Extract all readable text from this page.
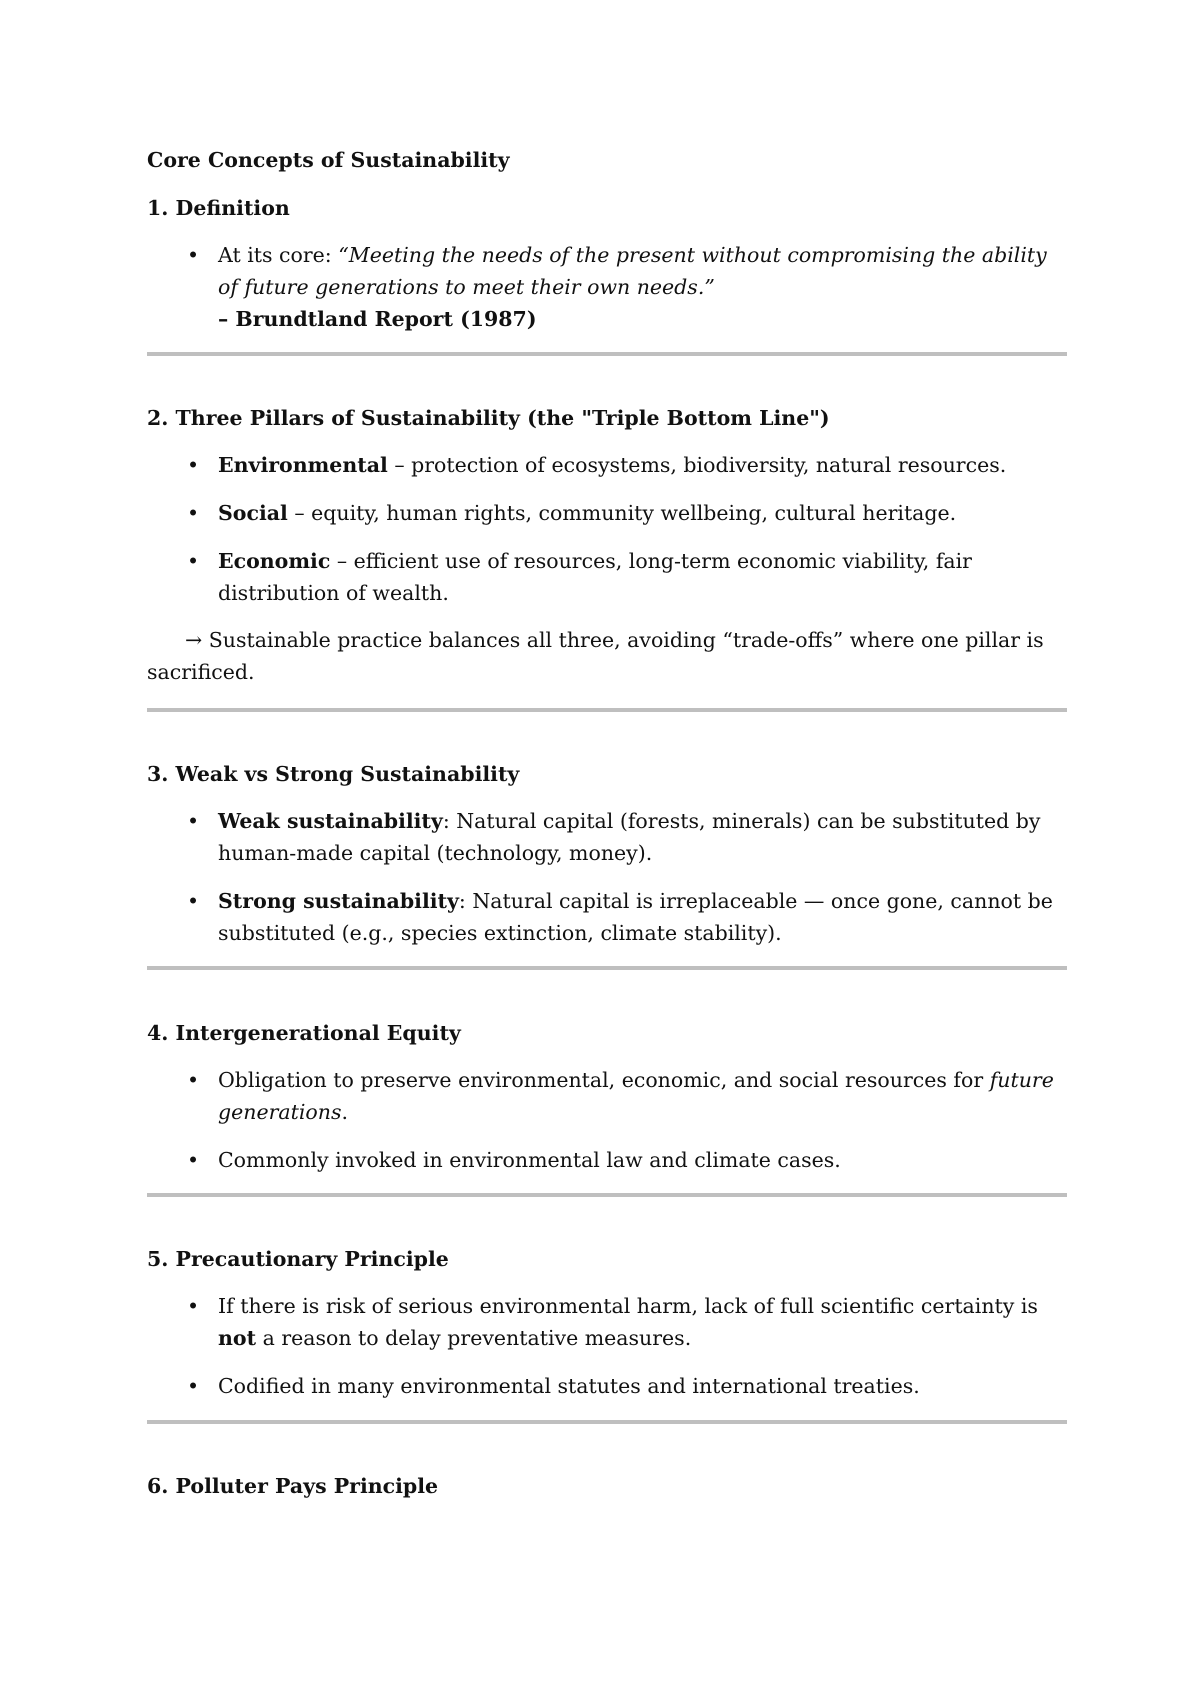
Core Concepts of Sustainability
1. Definition
• At its core: “Meeting the needs of the present without compromising the ability of future generations to meet their own needs.”
– Brundtland Report (1987)
2. Three Pillars of Sustainability (the "Triple Bottom Line")
• Environmental – protection of ecosystems, biodiversity, natural resources.
• Social – equity, human rights, community wellbeing, cultural heritage.
• Economic – efficient use of resources, long-term economic viability, fair distribution of wealth.
→ Sustainable practice balances all three, avoiding “trade-offs” where one pillar is sacrificed.
3. Weak vs Strong Sustainability
• Weak sustainability: Natural capital (forests, minerals) can be substituted by human-made capital (technology, money).
• Strong sustainability: Natural capital is irreplaceable — once gone, cannot be substituted (e.g., species extinction, climate stability).
4. Intergenerational Equity
• Obligation to preserve environmental, economic, and social resources for future generations.
• Commonly invoked in environmental law and climate cases.
5. Precautionary Principle
• If there is risk of serious environmental harm, lack of full scientific certainty is not a reason to delay preventative measures.
• Codified in many environmental statutes and international treaties.
6. Polluter Pays Principle
